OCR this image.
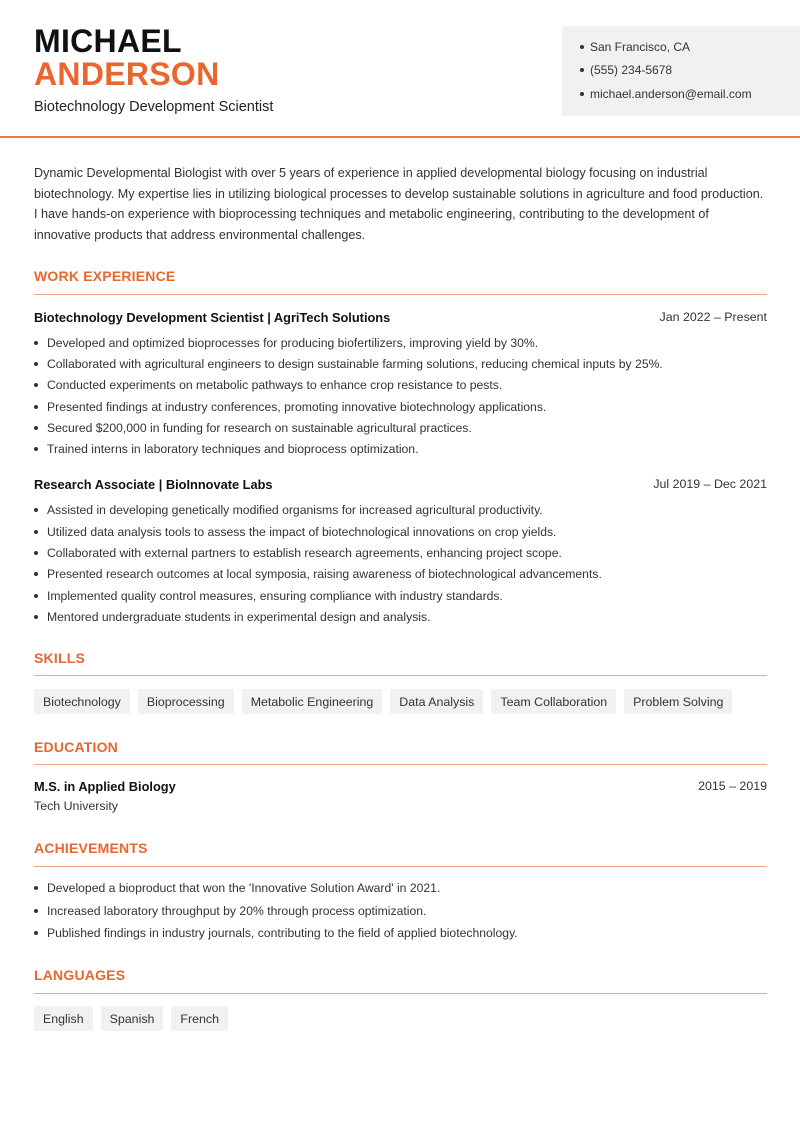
MICHAEL
ANDERSON
Biotechnology Development Scientist
San Francisco, CA
(555) 234-5678
michael.anderson@email.com
Dynamic Developmental Biologist with over 5 years of experience in applied developmental biology focusing on industrial biotechnology. My expertise lies in utilizing biological processes to develop sustainable solutions in agriculture and food production. I have hands-on experience with bioprocessing techniques and metabolic engineering, contributing to the development of innovative products that address environmental challenges.
WORK EXPERIENCE
Biotechnology Development Scientist | AgriTech Solutions	Jan 2022 – Present
Developed and optimized bioprocesses for producing biofertilizers, improving yield by 30%.
Collaborated with agricultural engineers to design sustainable farming solutions, reducing chemical inputs by 25%.
Conducted experiments on metabolic pathways to enhance crop resistance to pests.
Presented findings at industry conferences, promoting innovative biotechnology applications.
Secured $200,000 in funding for research on sustainable agricultural practices.
Trained interns in laboratory techniques and bioprocess optimization.
Research Associate | BioInnovate Labs	Jul 2019 – Dec 2021
Assisted in developing genetically modified organisms for increased agricultural productivity.
Utilized data analysis tools to assess the impact of biotechnological innovations on crop yields.
Collaborated with external partners to establish research agreements, enhancing project scope.
Presented research outcomes at local symposia, raising awareness of biotechnological advancements.
Implemented quality control measures, ensuring compliance with industry standards.
Mentored undergraduate students in experimental design and analysis.
SKILLS
Biotechnology	Bioprocessing	Metabolic Engineering	Data Analysis	Team Collaboration	Problem Solving
EDUCATION
M.S. in Applied Biology	2015 – 2019
Tech University
ACHIEVEMENTS
Developed a bioproduct that won the 'Innovative Solution Award' in 2021.
Increased laboratory throughput by 20% through process optimization.
Published findings in industry journals, contributing to the field of applied biotechnology.
LANGUAGES
English	Spanish	French
